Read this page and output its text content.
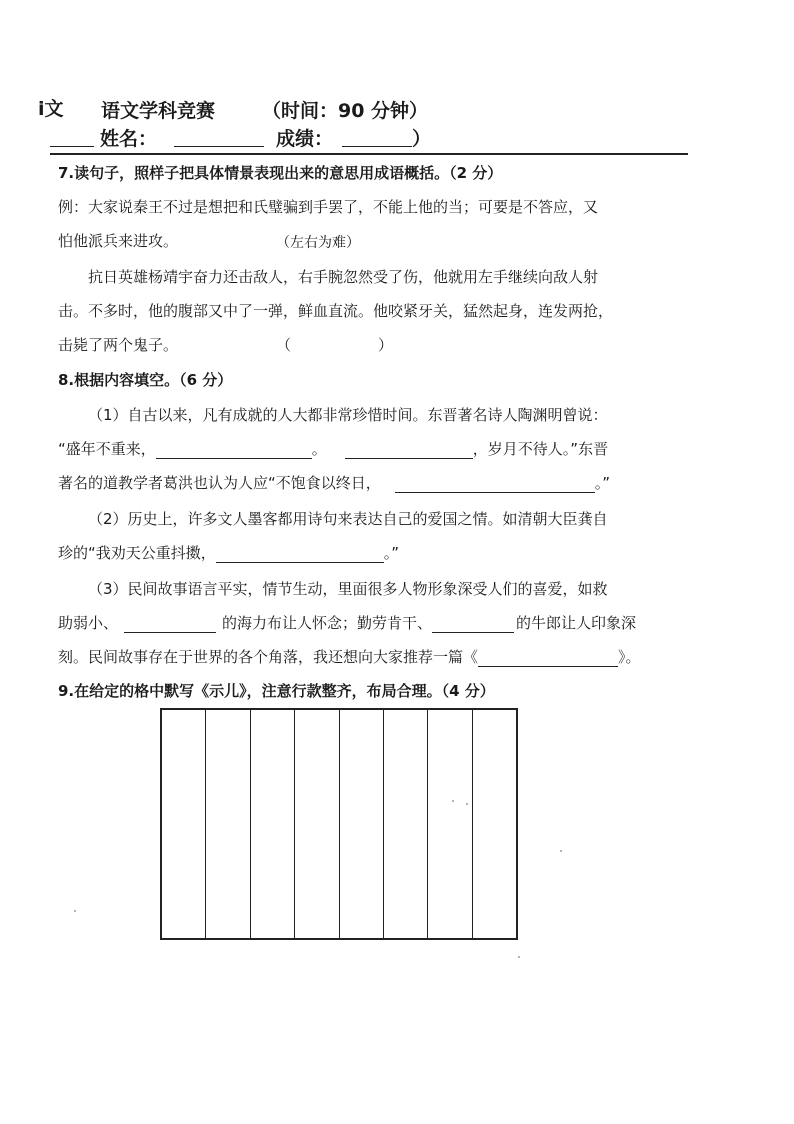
i文 语文学科竞赛 （时间：90 分钟）
姓名：	成绩：	）
7.读句子，照样子把具体情景表现出来的意思用成语概括。（2 分）
例：大家说秦王不过是想把和氏璧骗到手罢了，不能上他的当；可要是不答应，又
怕他派兵来进攻。	（左右为难）
抗日英雄杨靖宇奋力还击敌人，右手腕忽然受了伤，他就用左手继续向敌人射
击。不多时，他的腹部又中了一弹，鲜血直流。他咬紧牙关，猛然起身，连发两抢，
击毙了两个鬼子。	（	）
8.根据内容填空。（6 分）
（1）自古以来，凡有成就的人大都非常珍惜时间。东晋著名诗人陶渊明曾说：
“盛年不重来，	。	，岁月不待人。”东晋
著名的道教学者葛洪也认为人应“不饱食以终日，	。”
（2）历史上，许多文人墨客都用诗句来表达自己的爱国之情。如清朝大臣龚自
珍的“我劝天公重抖擞，	。”
（3）民间故事语言平实，情节生动，里面很多人物形象深受人们的喜爱，如救
助弱小、	的海力布让人怀念；勤劳肯干、	的牛郎让人印象深
刻。民间故事存在于世界的各个角落，我还想向大家推荐一篇《	》。
9.在给定的格中默写《示儿》，注意行款整齐，布局合理。（4 分）
